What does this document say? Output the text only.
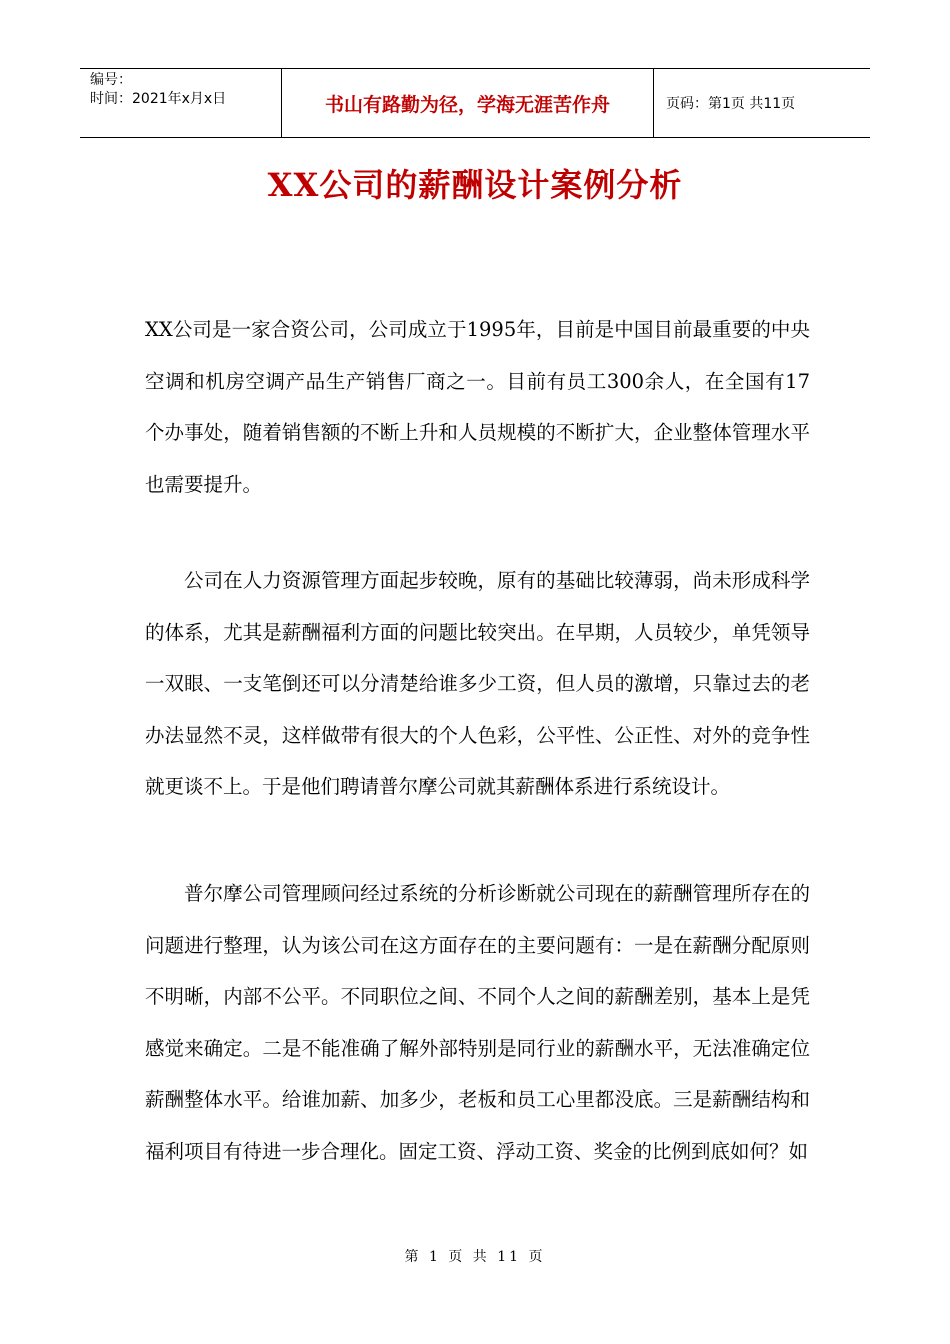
编号：
时间：2021年x月x日	书山有路勤为径，学海无涯苦作舟	页码：第1页 共11页
XX公司的薪酬设计案例分析

XX公司是一家合资公司，公司成立于1995年，目前是中国目前最重要的中央空调和机房空调产品生产销售厂商之一。目前有员工300余人，在全国有17个办事处，随着销售额的不断上升和人员规模的不断扩大，企业整体管理水平也需要提升。

公司在人力资源管理方面起步较晚，原有的基础比较薄弱，尚未形成科学的体系，尤其是薪酬福利方面的问题比较突出。在早期，人员较少，单凭领导一双眼、一支笔倒还可以分清楚给谁多少工资，但人员的激增，只靠过去的老办法显然不灵，这样做带有很大的个人色彩，公平性、公正性、对外的竞争性就更谈不上。于是他们聘请普尔摩公司就其薪酬体系进行系统设计。

普尔摩公司管理顾问经过系统的分析诊断就公司现在的薪酬管理所存在的问题进行整理，认为该公司在这方面存在的主要问题有：一是在薪酬分配原则不明晰，内部不公平。不同职位之间、不同个人之间的薪酬差别，基本上是凭感觉来确定。二是不能准确了解外部特别是同行业的薪酬水平，无法准确定位薪酬整体水平。给谁加薪、加多少，老板和员工心里都没底。三是薪酬结构和福利项目有待进一步合理化。固定工资、浮动工资、奖金的比例到底如何？如

第 1 页 共 11 页
